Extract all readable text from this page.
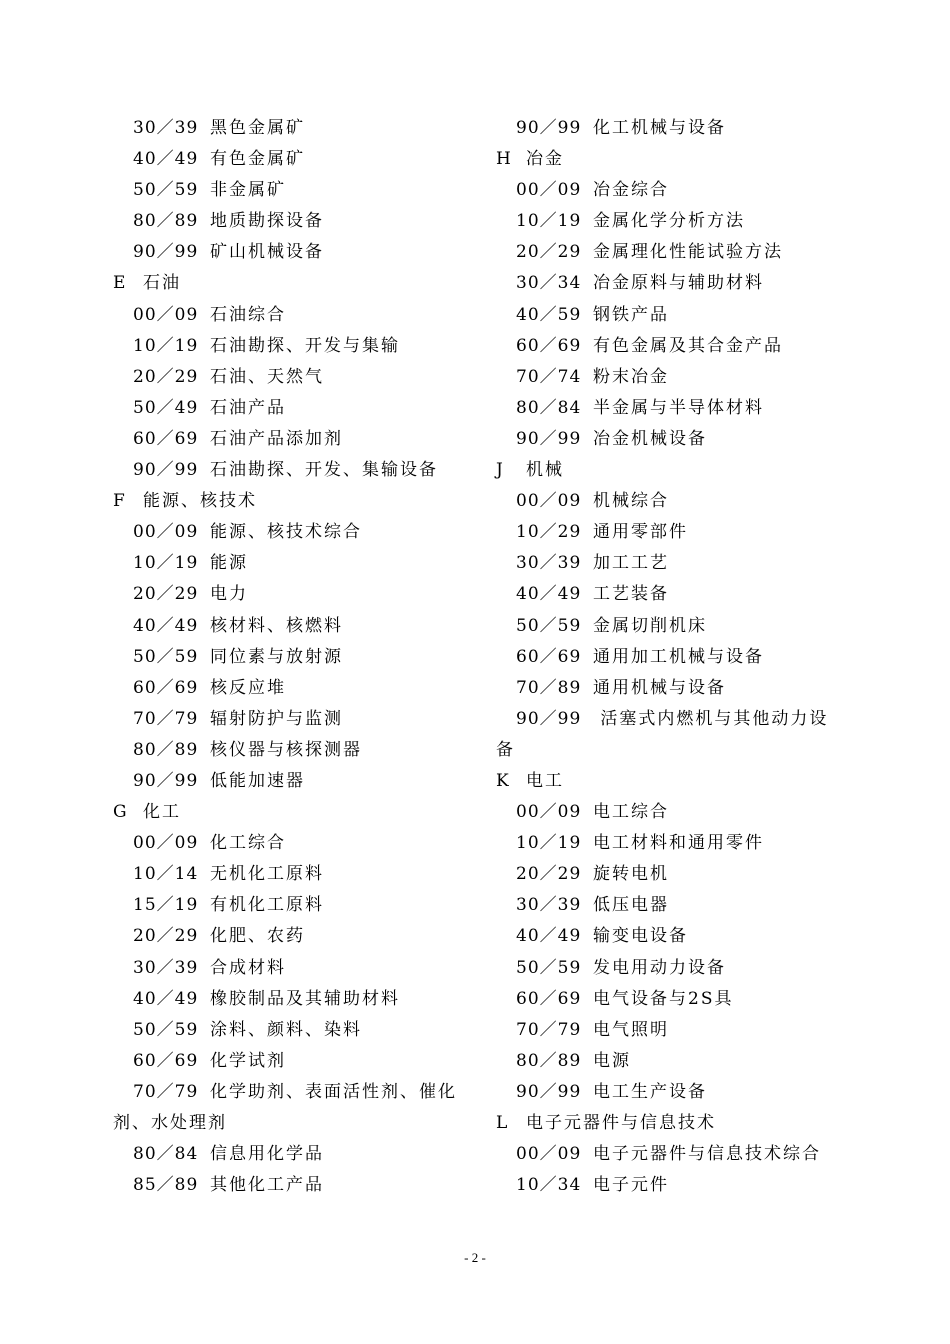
30／39 黑色金属矿
40／49 有色金属矿
50／59 非金属矿
80／89 地质勘探设备
90／99 矿山机械设备
E 石油
00／09 石油综合
10／19 石油勘探、开发与集输
20／29 石油、天然气
50／49 石油产品
60／69 石油产品添加剂
90／99 石油勘探、开发、集输设备
F 能源、核技术
00／09 能源、核技术综合
10／19 能源
20／29 电力
40／49 核材料、核燃料
50／59 同位素与放射源
60／69 核反应堆
70／79 辐射防护与监测
80／89 核仪器与核探测器
90／99 低能加速器
G 化工
00／09 化工综合
10／14 无机化工原料
15／19 有机化工原料
20／29 化肥、农药
30／39 合成材料
40／49 橡胶制品及其辅助材料
50／59 涂料、颜料、染料
60／69 化学试剂
70／79 化学助剂、表面活性剂、催化
剂、水处理剂
80／84 信息用化学品
85／89 其他化工产品
90／99 化工机械与设备
H 冶金
00／09 冶金综合
10／19 金属化学分析方法
20／29 金属理化性能试验方法
30／34 冶金原料与辅助材料
40／59 钢铁产品
60／69 有色金属及其合金产品
70／74 粉末冶金
80／84 半金属与半导体材料
90／99 冶金机械设备
J 机械
00／09 机械综合
10／29 通用零部件
30／39 加工工艺
40／49 工艺装备
50／59 金属切削机床
60／69 通用加工机械与设备
70／89 通用机械与设备
90／99 活塞式内燃机与其他动力设
备
K 电工
00／09 电工综合
10／19 电工材料和通用零件
20／29 旋转电机
30／39 低压电器
40／49 输变电设备
50／59 发电用动力设备
60／69 电气设备与2S具
70／79 电气照明
80／89 电源
90／99 电工生产设备
L 电子元器件与信息技术
00／09 电子元器件与信息技术综合
10／34 电子元件
- 2 -
